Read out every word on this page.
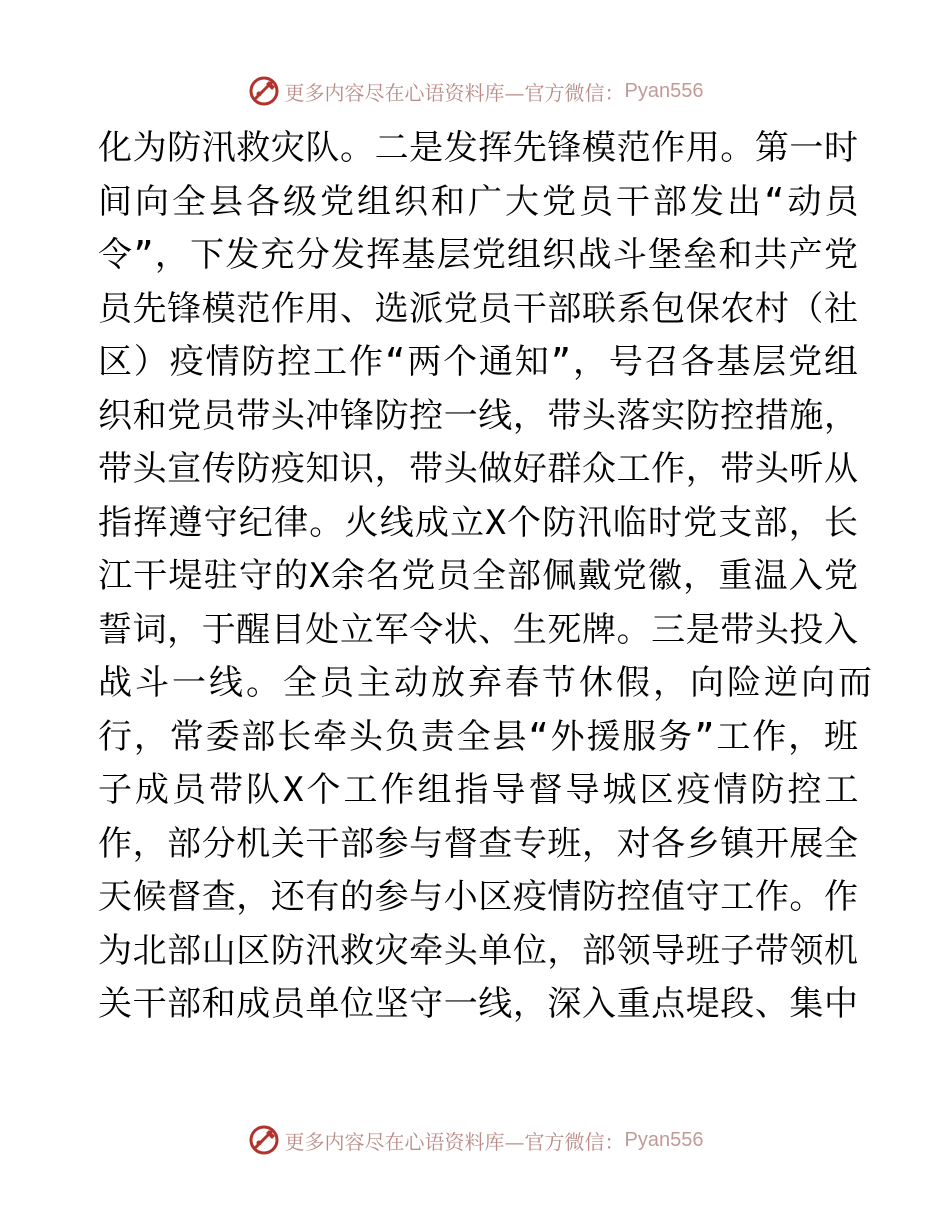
更多内容尽在心语资料库—官方微信： Pyan556
化为防汛救灾队。二是发挥先锋模范作用。第一时
间向全县各级党组织和广大党员干部发出“动员
令”，下发充分发挥基层党组织战斗堡垒和共产党
员先锋模范作用、选派党员干部联系包保农村（社
区）疫情防控工作“两个通知”，号召各基层党组
织和党员带头冲锋防控一线，带头落实防控措施，
带头宣传防疫知识，带头做好群众工作，带头听从
指挥遵守纪律。火线成立X个防汛临时党支部，长
江干堤驻守的X余名党员全部佩戴党徽，重温入党
誓词，于醒目处立军令状、生死牌。三是带头投入
战斗一线。全员主动放弃春节休假，向险逆向而
行，常委部长牵头负责全县“外援服务”工作，班
子成员带队X个工作组指导督导城区疫情防控工
作，部分机关干部参与督查专班，对各乡镇开展全
天候督查，还有的参与小区疫情防控值守工作。作
为北部山区防汛救灾牵头单位，部领导班子带领机
关干部和成员单位坚守一线，深入重点堤段、集中
更多内容尽在心语资料库—官方微信： Pyan556
